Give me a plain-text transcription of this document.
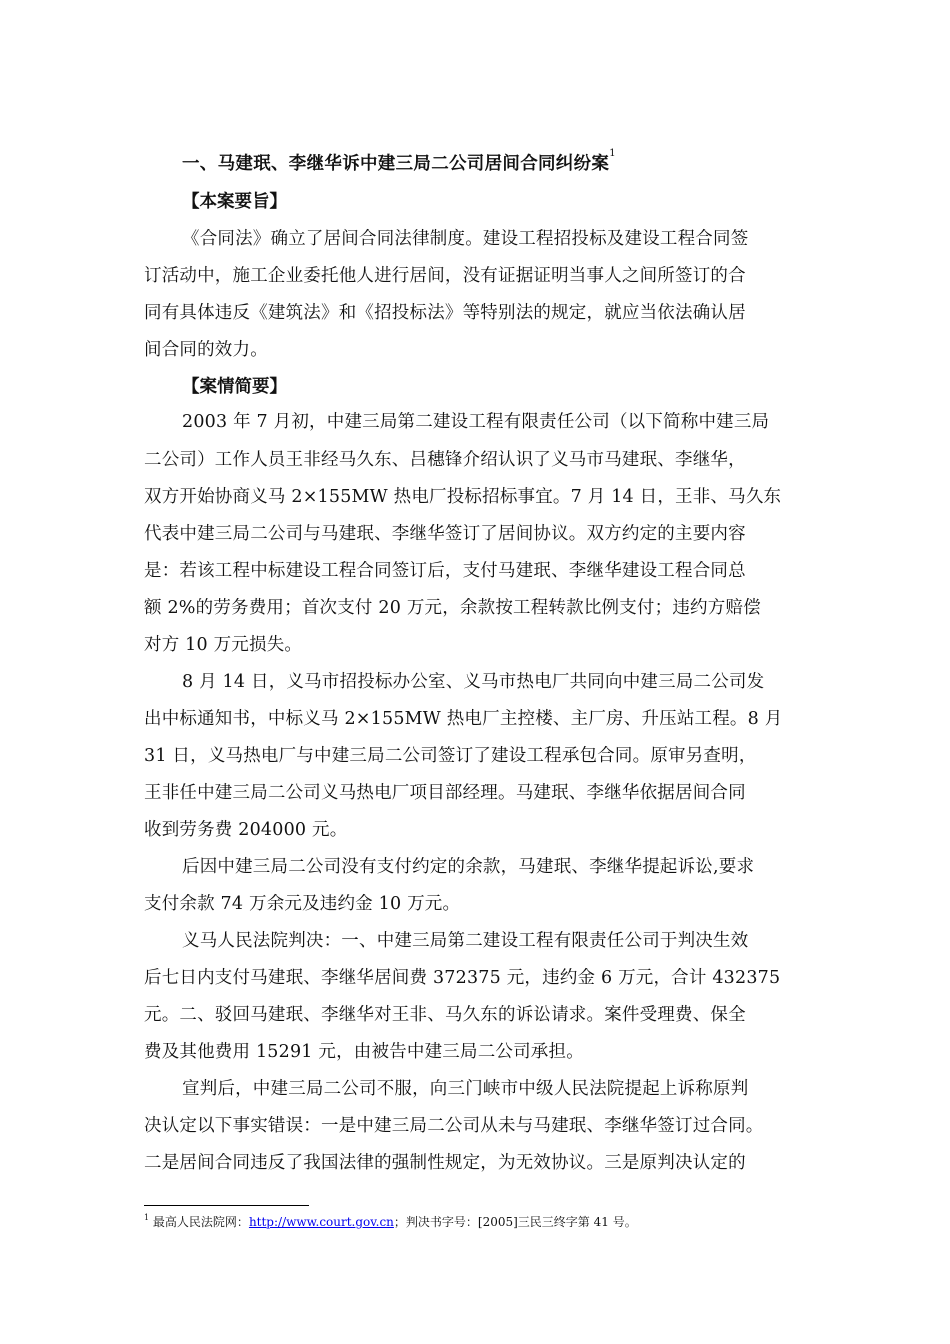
一、马建珉、李继华诉中建三局二公司居间合同纠纷案$^1$
【本案要旨】
《合同法》确立了居间合同法律制度。建设工程招投标及建设工程合同签
订活动中，施工企业委托他人进行居间，没有证据证明当事人之间所签订的合
同有具体违反《建筑法》和《招投标法》等特别法的规定，就应当依法确认居
间合同的效力。
【案情简要】
2003 年 7 月初，中建三局第二建设工程有限责任公司（以下简称中建三局
二公司）工作人员王非经马久东、吕穗锋介绍认识了义马市马建珉、李继华，
双方开始协商义马 2×155MW 热电厂投标招标事宜。7 月 14 日，王非、马久东
代表中建三局二公司与马建珉、李继华签订了居间协议。双方约定的主要内容
是：若该工程中标建设工程合同签订后，支付马建珉、李继华建设工程合同总
额 2%的劳务费用；首次支付 20 万元，余款按工程转款比例支付；违约方赔偿
对方 10 万元损失。
8 月 14 日，义马市招投标办公室、义马市热电厂共同向中建三局二公司发
出中标通知书，中标义马 2×155MW 热电厂主控楼、主厂房、升压站工程。8 月
31 日，义马热电厂与中建三局二公司签订了建设工程承包合同。原审另查明，
王非任中建三局二公司义马热电厂项目部经理。马建珉、李继华依据居间合同
收到劳务费 204000 元。
后因中建三局二公司没有支付约定的余款，马建珉、李继华提起诉讼,要求
支付余款 74 万余元及违约金 10 万元。
义马人民法院判决：一、中建三局第二建设工程有限责任公司于判决生效
后七日内支付马建珉、李继华居间费 372375 元，违约金 6 万元，合计 432375
元。二、驳回马建珉、李继华对王非、马久东的诉讼请求。案件受理费、保全
费及其他费用 15291 元，由被告中建三局二公司承担。
宣判后，中建三局二公司不服，向三门峡市中级人民法院提起上诉称原判
决认定以下事实错误：一是中建三局二公司从未与马建珉、李继华签订过合同。
二是居间合同违反了我国法律的强制性规定，为无效协议。三是原判决认定的
$^1$ 最高人民法院网：http://www.court.gov.cn；判决书字号：[2005]三民三终字第 41 号。
